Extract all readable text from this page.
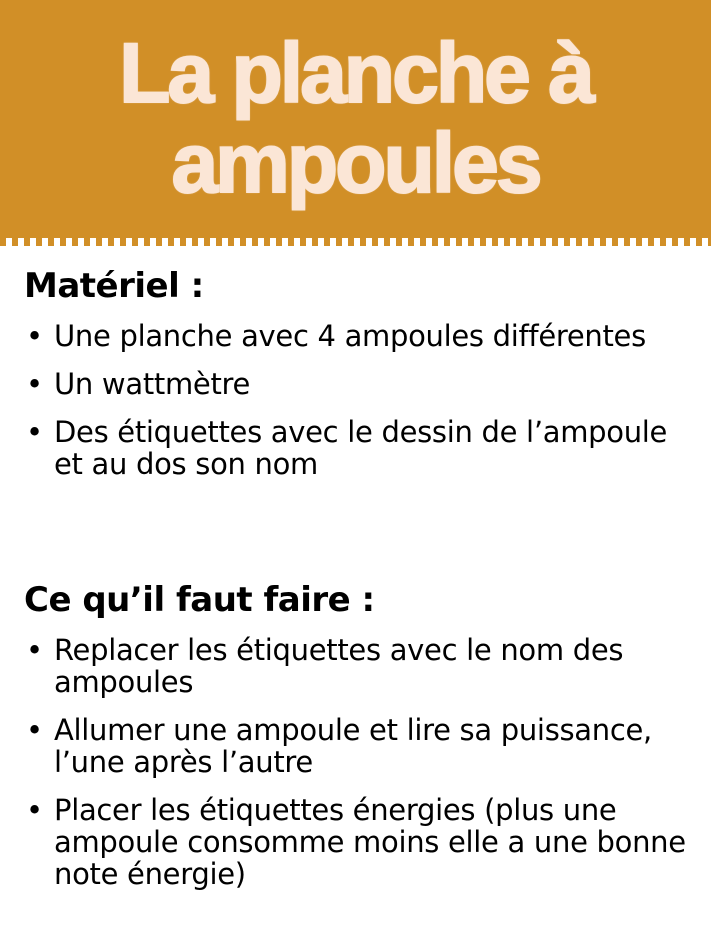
La planche à ampoules
Matériel :
• Une planche avec 4 ampoules différentes
• Un wattmètre
• Des étiquettes avec le dessin de l’ampoule et au dos son nom
Ce qu’il faut faire :
• Replacer les étiquettes avec le nom des ampoules
• Allumer une ampoule et lire sa puissance, l’une après l’autre
• Placer les étiquettes énergies (plus une ampoule consomme moins elle a une bonne note énergie)
